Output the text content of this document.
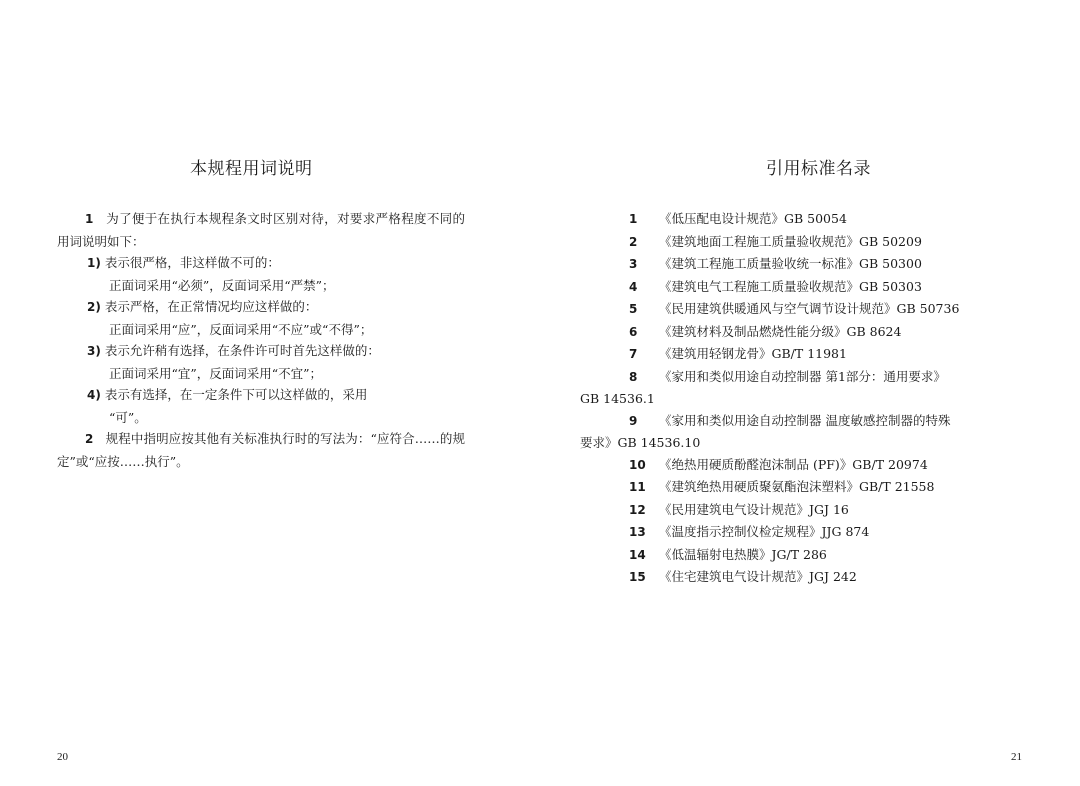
本规程用词说明

1 为了便于在执行本规程条文时区别对待，对要求严格程度不同的用词说明如下：

1) 表示很严格，非这样做不可的：

正面词采用“必须”，反面词采用“严禁”；

2) 表示严格，在正常情况均应这样做的：

正面词采用“应”，反面词采用“不应”或“不得”；

3) 表示允许稍有选择，在条件许可时首先这样做的：

正面词采用“宜”，反面词采用“不宜”；

4) 表示有选择，在一定条件下可以这样做的，采用

“可”。

2 规程中指明应按其他有关标准执行时的写法为：“应符合……的规定”或“应按……执行”。

20
引用标准名录

1 《低压配电设计规范》GB 50054

2 《建筑地面工程施工质量验收规范》GB 50209

3 《建筑工程施工质量验收统一标准》GB 50300

4 《建筑电气工程施工质量验收规范》GB 50303

5 《民用建筑供暖通风与空气调节设计规范》GB 50736

6 《建筑材料及制品燃烧性能分级》GB 8624

7 《建筑用轻钢龙骨》GB/T 11981

8 《家用和类似用途自动控制器 第1部分：通用要求》

GB 14536.1

9 《家用和类似用途自动控制器 温度敏感控制器的特殊

要求》GB 14536.10

10 《绝热用硬质酚醛泡沫制品 (PF)》GB/T 20974

11 《建筑绝热用硬质聚氨酯泡沫塑料》GB/T 21558

12 《民用建筑电气设计规范》JGJ 16

13 《温度指示控制仪检定规程》JJG 874

14 《低温辐射电热膜》JG/T 286

15 《住宅建筑电气设计规范》JGJ 242

21
